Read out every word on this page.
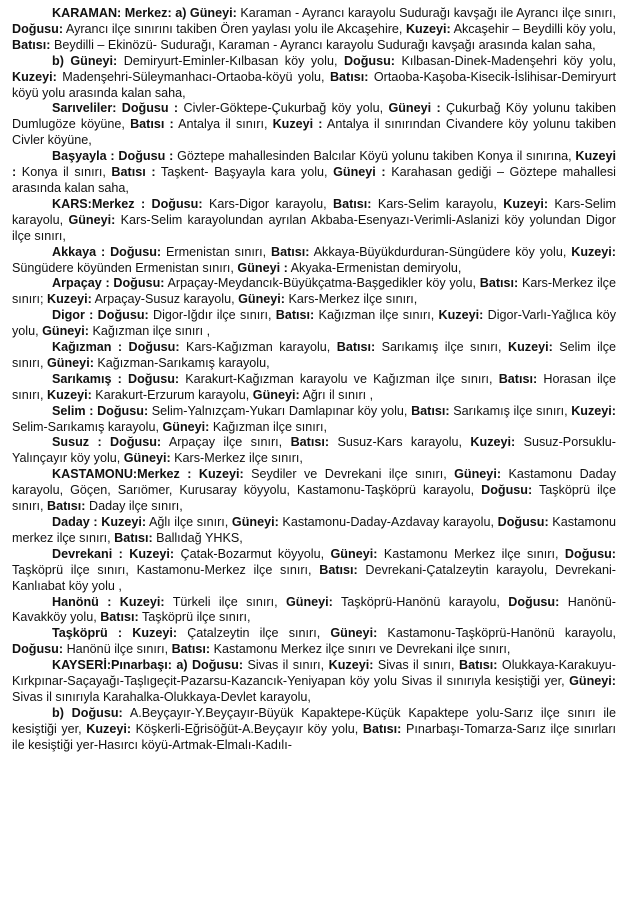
KARAMAN: Merkez: a) Güneyi: Karaman - Ayrancı karayolu Sudurağı kavşağı ile Ayrancı ilçe sınırı, Doğusu: Ayrancı ilçe sınırını takiben Ören yaylası yolu ile Akcaşehire, Kuzeyi: Akcaşehir – Beydilli köy yolu, Batısı: Beydilli – Ekinözü- Sudurağı, Karaman - Ayrancı karayolu Sudurağı kavşağı arasında kalan saha,

b) Güneyi: Demiryurt-Eminler-Kılbasan köy yolu, Doğusu: Kılbasan-Dinek-Madenşehri köy yolu, Kuzeyi: Madenşehri-Süleymanhacı-Ortaoba-köyü yolu, Batısı: Ortaoba-Kaşoba-Kisecik-İslihisar-Demiryurt köyü yolu arasında kalan saha,

Sarıveliler: Doğusu : Civler-Göktepe-Çukurbağ köy yolu, Güneyi : Çukurbağ Köy yolunu takiben Dumlugöze köyüne, Batısı : Antalya il sınırı, Kuzeyi : Antalya il sınırından Civandere köy yolunu takiben Civler köyüne,

Başyayla : Doğusu : Göztepe mahallesinden Balcılar Köyü yolunu takiben Konya il sınırına, Kuzeyi : Konya il sınırı, Batısı : Taşkent- Başyayla kara yolu, Güneyi : Karahasan gediği – Göztepe mahallesi arasında kalan saha,

KARS:Merkez : Doğusu: Kars-Digor karayolu, Batısı: Kars-Selim karayolu, Kuzeyi: Kars-Selim karayolu, Güneyi: Kars-Selim karayolundan ayrılan Akbaba-Esenyazı-Verimli-Aslanizi köy yolundan Digor ilçe sınırı,

Akkaya : Doğusu: Ermenistan sınırı, Batısı: Akkaya-Büyükdurduran-Süngüdere köy yolu, Kuzeyi: Süngüdere köyünden Ermenistan sınırı, Güneyi : Akyaka-Ermenistan demiryolu,

Arpaçay : Doğusu: Arpaçay-Meydancık-Büyükçatma-Başgedikler köy yolu, Batısı: Kars-Merkez ilçe sınırı; Kuzeyi: Arpaçay-Susuz karayolu, Güneyi: Kars-Merkez ilçe sınırı,

Digor : Doğusu: Digor-Iğdır ilçe sınırı, Batısı: Kağızman ilçe sınırı, Kuzeyi: Digor-Varlı-Yağlıca köy yolu, Güneyi: Kağızman ilçe sınırı ,

Kağızman : Doğusu: Kars-Kağızman karayolu, Batısı: Sarıkamış ilçe sınırı, Kuzeyi: Selim ilçe sınırı, Güneyi: Kağızman-Sarıkamış karayolu,

Sarıkamış : Doğusu: Karakurt-Kağızman karayolu ve Kağızman ilçe sınırı, Batısı: Horasan ilçe sınırı, Kuzeyi: Karakurt-Erzurum karayolu, Güneyi: Ağrı il sınırı ,

Selim : Doğusu: Selim-Yalnızçam-Yukarı Damlapınar köy yolu, Batısı: Sarıkamış ilçe sınırı, Kuzeyi: Selim-Sarıkamış karayolu, Güneyi: Kağızman ilçe sınırı,

Susuz : Doğusu: Arpaçay ilçe sınırı, Batısı: Susuz-Kars karayolu, Kuzeyi: Susuz-Porsuklu-Yalınçayır köy yolu, Güneyi: Kars-Merkez ilçe sınırı,

KASTAMONU:Merkez : Kuzeyi: Seydiler ve Devrekani ilçe sınırı, Güneyi: Kastamonu Daday karayolu, Göçen, Sarıömer, Kurusaray köyyolu, Kastamonu-Taşköprü karayolu, Doğusu: Taşköprü ilçe sınırı, Batısı: Daday ilçe sınırı,

Daday : Kuzeyi: Ağlı ilçe sınırı, Güneyi: Kastamonu-Daday-Azdavay karayolu, Doğusu: Kastamonu merkez ilçe sınırı, Batısı: Ballıdağ YHKS,

Devrekani : Kuzeyi: Çatak-Bozarmut köyyolu, Güneyi: Kastamonu Merkez ilçe sınırı, Doğusu: Taşköprü ilçe sınırı, Kastamonu-Merkez ilçe sınırı, Batısı: Devrekani-Çatalzeytin karayolu, Devrekani-Kanlıabat köy yolu ,

Hanönü : Kuzeyi: Türkeli ilçe sınırı, Güneyi: Taşköprü-Hanönü karayolu, Doğusu: Hanönü-Kavakköy yolu, Batısı: Taşköprü ilçe sınırı,

Taşköprü : Kuzeyi: Çatalzeytin ilçe sınırı, Güneyi: Kastamonu-Taşköprü-Hanönü karayolu, Doğusu: Hanönü ilçe sınırı, Batısı: Kastamonu Merkez ilçe sınırı ve Devrekani ilçe sınırı,

KAYSERİ:Pınarbaşı: a) Doğusu: Sivas il sınırı, Kuzeyi: Sivas il sınırı, Batısı: Olukkaya-Karakuyu-Kırkpınar-Saçayağı-Taşlıgeçit-Pazarsu-Kazancık-Yeniyapan köy yolu Sivas il sınırıyla kesiştiği yer, Güneyi: Sivas il sınırıyla Karahalka-Olukkaya-Devlet karayolu,

b) Doğusu: A.Beyçayır-Y.Beyçayır-Büyük Kapaktepe-Küçük Kapaktepe yolu-Sarız ilçe sınırı ile kesiştiği yer, Kuzeyi: Köşkerli-Eğrisöğüt-A.Beyçayır köy yolu, Batısı: Pınarbaşı-Tomarza-Sarız ilçe sınırları ile kesiştiği yer-Hasırcı köyü-Artmak-Elmalı-Kadılı-
